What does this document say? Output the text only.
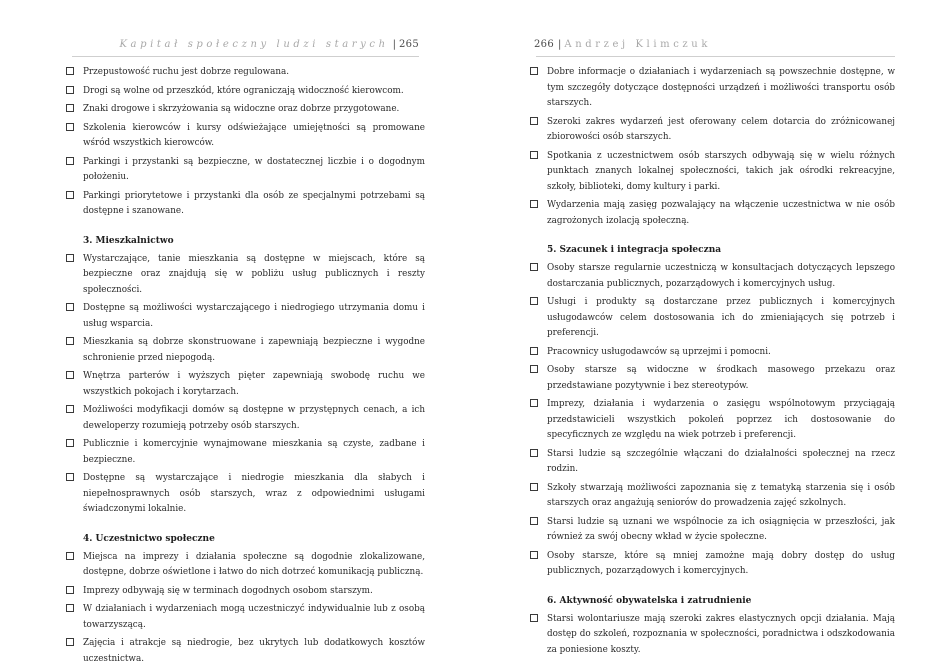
Kapitał społeczny ludzi starych | 265
Przepustowość ruchu jest dobrze regulowana.
Drogi są wolne od przeszkód, które ograniczają widoczność kierowcom.
Znaki drogowe i skrzyżowania są widoczne oraz dobrze przygotowane.
Szkolenia kierowców i kursy odświeżające umiejętności są promowane wśród wszystkich kierowców.
Parkingi i przystanki są bezpieczne, w dostatecznej liczbie i o dogodnym położeniu.
Parkingi priorytetowe i przystanki dla osób ze specjalnymi potrzebami są dostępne i szanowane.
3. Mieszkalnictwo
Wystarczające, tanie mieszkania są dostępne w miejscach, które są bezpieczne oraz znajdują się w pobliżu usług publicznych i reszty społeczności.
Dostępne są możliwości wystarczającego i niedrogiego utrzymania domu i usług wsparcia.
Mieszkania są dobrze skonstruowane i zapewniają bezpieczne i wygodne schronienie przed niepogodą.
Wnętrza parterów i wyższych pięter zapewniają swobodę ruchu we wszystkich pokojach i korytarzach.
Możliwości modyfikacji domów są dostępne w przystępnych cenach, a ich deweloperzy rozumieją potrzeby osób starszych.
Publicznie i komercyjnie wynajmowane mieszkania są czyste, zadbane i bezpieczne.
Dostępne są wystarczające i niedrogie mieszkania dla słabych i niepełnosprawnych osób starszych, wraz z odpowiednimi usługami świadczonymi lokalnie.
4. Uczestnictwo społeczne
Miejsca na imprezy i działania społeczne są dogodnie zlokalizowane, dostępne, dobrze oświetlone i łatwo do nich dotrzeć komunikacją publiczną.
Imprezy odbywają się w terminach dogodnych osobom starszym.
W działaniach i wydarzeniach mogą uczestniczyć indywidualnie lub z osobą towarzyszącą.
Zajęcia i atrakcje są niedrogie, bez ukrytych lub dodatkowych kosztów uczestnictwa.
266 | Andrzej Klimczuk
Dobre informacje o działaniach i wydarzeniach są powszechnie dostępne, w tym szczegóły dotyczące dostępności urządzeń i możliwości transportu osób starszych.
Szeroki zakres wydarzeń jest oferowany celem dotarcia do zróżnicowanej zbiorowości osób starszych.
Spotkania z uczestnictwem osób starszych odbywają się w wielu różnych punktach znanych lokalnej społeczności, takich jak ośrodki rekreacyjne, szkoły, biblioteki, domy kultury i parki.
Wydarzenia mają zasięg pozwalający na włączenie uczestnictwa w nie osób zagrożonych izolacją społeczną.
5. Szacunek i integracja społeczna
Osoby starsze regularnie uczestniczą w konsultacjach dotyczących lepszego dostarczania publicznych, pozarządowych i komercyjnych usług.
Usługi i produkty są dostarczane przez publicznych i komercyjnych usługodawców celem dostosowania ich do zmieniających się potrzeb i preferencji.
Pracownicy usługodawców są uprzejmi i pomocni.
Osoby starsze są widoczne w środkach masowego przekazu oraz przedstawiane pozytywnie i bez stereotypów.
Imprezy, działania i wydarzenia o zasięgu wspólnotowym przyciągają przedstawicieli wszystkich pokoleń poprzez ich dostosowanie do specyficznych ze względu na wiek potrzeb i preferencji.
Starsi ludzie są szczególnie włączani do działalności społecznej na rzecz rodzin.
Szkoły stwarzają możliwości zapoznania się z tematyką starzenia się i osób starszych oraz angażują seniorów do prowadzenia zajęć szkolnych.
Starsi ludzie są uznani we wspólnocie za ich osiągnięcia w przeszłości, jak również za swój obecny wkład w życie społeczne.
Osoby starsze, które są mniej zamożne mają dobry dostęp do usług publicznych, pozarządowych i komercyjnych.
6. Aktywność obywatelska i zatrudnienie
Starsi wolontariusze mają szeroki zakres elastycznych opcji działania. Mają dostęp do szkoleń, rozpoznania w społeczności, poradnictwa i odszkodowania za poniesione koszty.
